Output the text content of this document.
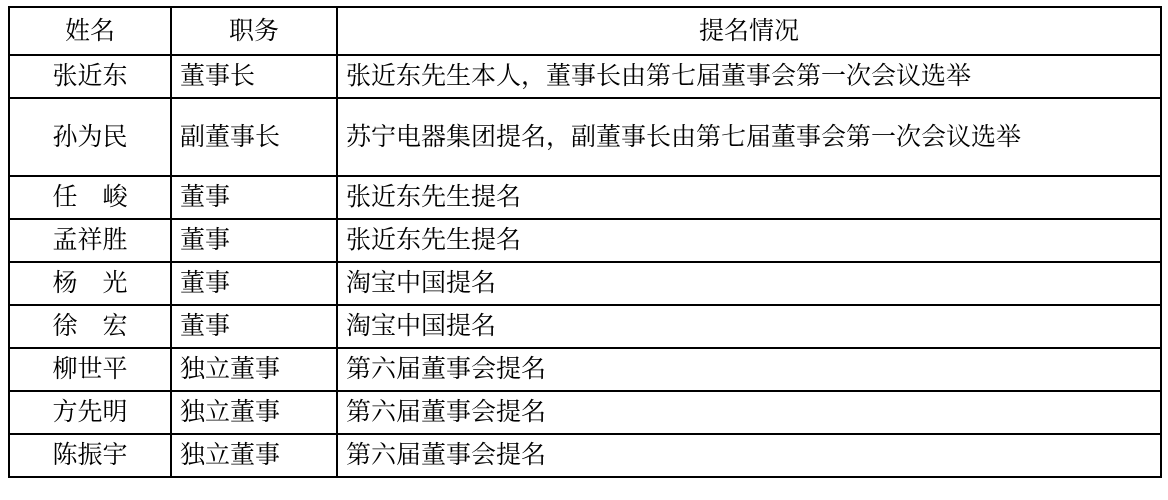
姓名	职务	提名情况
张近东	董事长	张近东先生本人，董事长由第七届董事会第一次会议选举
孙为民	副董事长	苏宁电器集团提名，副董事长由第七届董事会第一次会议选举
任　峻	董事	张近东先生提名
孟祥胜	董事	张近东先生提名
杨　光	董事	淘宝中国提名
徐　宏	董事	淘宝中国提名
柳世平	独立董事	第六届董事会提名
方先明	独立董事	第六届董事会提名
陈振宇	独立董事	第六届董事会提名
